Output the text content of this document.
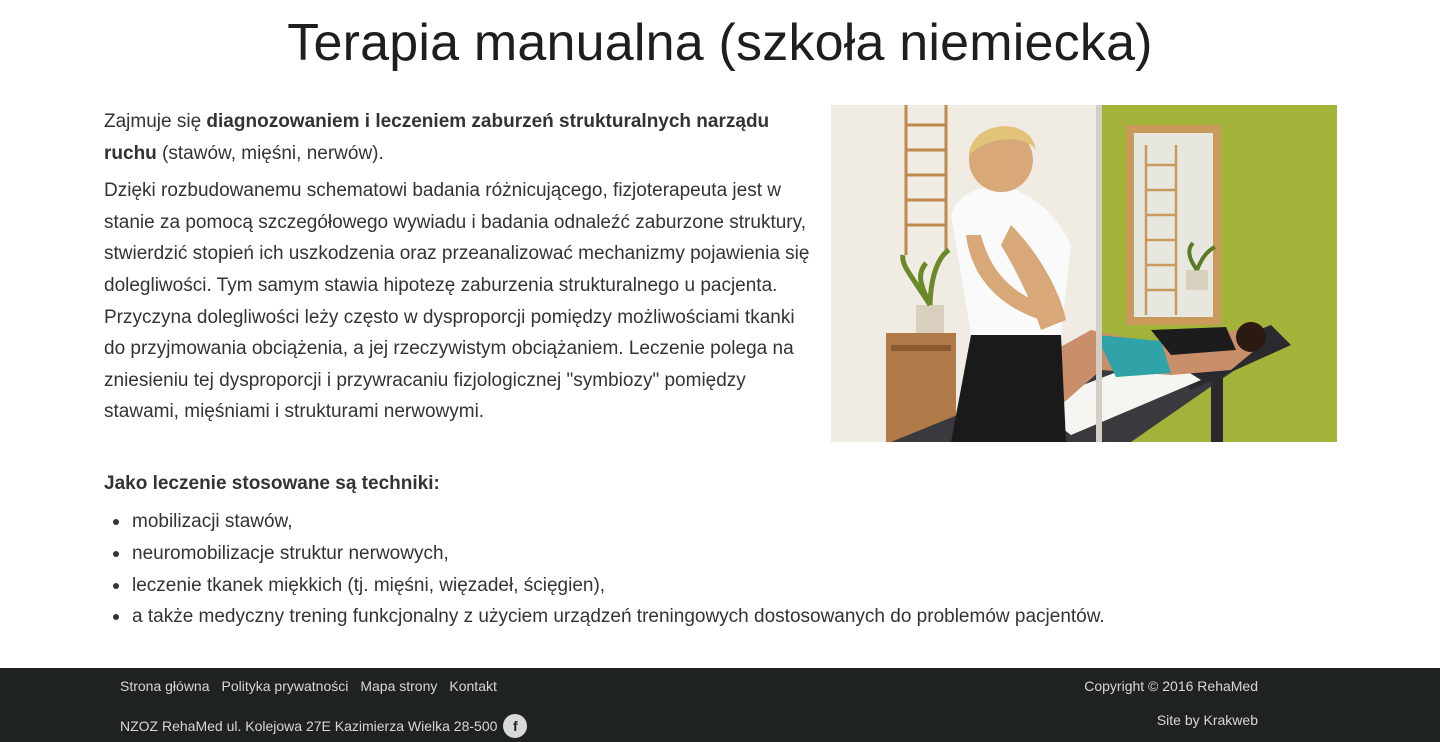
Terapia manualna (szkoła niemiecka)

Zajmuje się diagnozowaniem i leczeniem zaburzeń strukturalnych narządu ruchu (stawów, mięśni, nerwów).

Dzięki rozbudowanemu schematowi badania różnicującego, fizjoterapeuta jest w stanie za pomocą szczegółowego wywiadu i badania odnaleźć zaburzone struktury, stwierdzić stopień ich uszkodzenia oraz przeanalizować mechanizmy pojawienia się dolegliwości. Tym samym stawia hipotezę zaburzenia strukturalnego u pacjenta. Przyczyna dolegliwości leży często w dysproporcji pomiędzy możliwościami tkanki do przyjmowania obciążenia, a jej rzeczywistym obciążaniem. Leczenie polega na zniesieniu tej dysproporcji i przywracaniu fizjologicznej "symbiozy" pomiędzy stawami, mięśniami i strukturami nerwowymi.

Jako leczenie stosowane są techniki:
mobilizacji stawów,
neuromobilizacje struktur nerwowych,
leczenie tkanek miękkich (tj. mięśni, więzadeł, ścięgien),
a także medyczny trening funkcjonalny z użyciem urządzeń treningowych dostosowanych do problemów pacjentów.
Strona główna Polityka prywatności Mapa strony Kontakt
NZOZ RehaMed ul. Kolejowa 27E Kazimierza Wielka 28-500	f
Copyright © 2016 RehaMed
Site by Krakweb
